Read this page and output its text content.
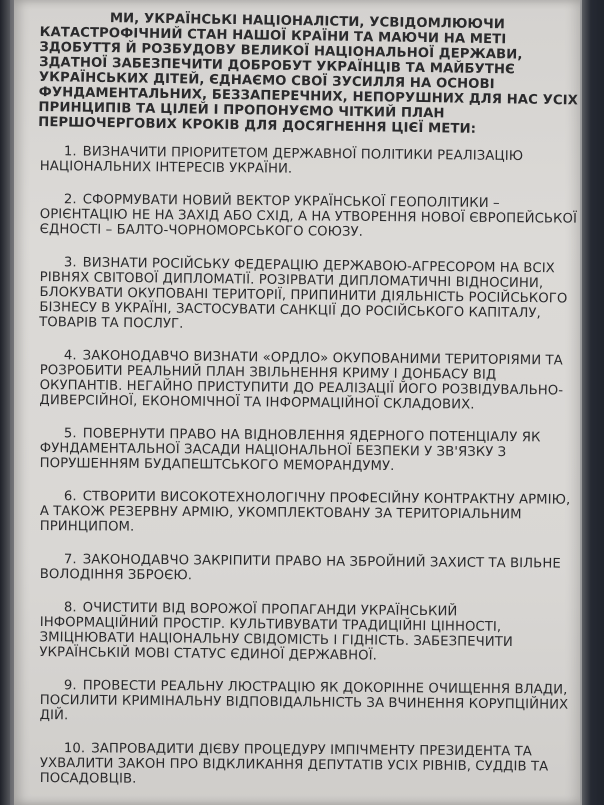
МИ, УКРАЇНСЬКІ НАЦІОНАЛІСТИ, УСВІДОМЛЮЮЧИ КАТАСТРОФІЧНИЙ СТАН НАШОЇ КРАЇНИ ТА МАЮЧИ НА МЕТІ ЗДОБУТТЯ Й РОЗБУДОВУ ВЕЛИКОЇ НАЦІОНАЛЬНОЇ ДЕРЖАВИ, ЗДАТНОЇ ЗАБЕЗПЕЧИТИ ДОБРОБУТ УКРАЇНЦІВ ТА МАЙБУТНЄ УКРАЇНСЬКИХ ДІТЕЙ, ЄДНАЄМО СВОЇ ЗУСИЛЛЯ НА ОСНОВІ ФУНДАМЕНТАЛЬНИХ, БЕЗЗАПЕРЕЧНИХ, НЕПОРУШНИХ ДЛЯ НАС УСІХ ПРИНЦИПІВ ТА ЦІЛЕЙ І ПРОПОНУЄМО ЧІТКИЙ ПЛАН ПЕРШОЧЕРГОВИХ КРОКІВ ДЛЯ ДОСЯГНЕННЯ ЦІЄЇ МЕТИ:

1. ВИЗНАЧИТИ ПРІОРИТЕТОМ ДЕРЖАВНОЇ ПОЛІТИКИ РЕАЛІЗАЦІЮ НАЦІОНАЛЬНИХ ІНТЕРЕСІВ УКРАЇНИ.

2. СФОРМУВАТИ НОВИЙ ВЕКТОР УКРАЇНСЬКОЇ ГЕОПОЛІТИКИ – ОРІЄНТАЦІЮ НЕ НА ЗАХІД АБО СХІД, А НА УТВОРЕННЯ НОВОЇ ЄВРОПЕЙСЬКОЇ ЄДНОСТІ – БАЛТО-ЧОРНОМОРСЬКОГО СОЮЗУ.

3. ВИЗНАТИ РОСІЙСЬКУ ФЕДЕРАЦІЮ ДЕРЖАВОЮ-АГРЕСОРОМ НА ВСІХ РІВНЯХ СВІТОВОЇ ДИПЛОМАТІЇ. РОЗІРВАТИ ДИПЛОМАТИЧНІ ВІДНОСИНИ, БЛОКУВАТИ ОКУПОВАНІ ТЕРИТОРІЇ, ПРИПИНИТИ ДІЯЛЬНІСТЬ РОСІЙСЬКОГО БІЗНЕСУ В УКРАЇНІ, ЗАСТОСУВАТИ САНКЦІЇ ДО РОСІЙСЬКОГО КАПІТАЛУ, ТОВАРІВ ТА ПОСЛУГ.

4. ЗАКОНОДАВЧО ВИЗНАТИ «ОРДЛО» ОКУПОВАНИМИ ТЕРИТОРІЯМИ ТА РОЗРОБИТИ РЕАЛЬНИЙ ПЛАН ЗВІЛЬНЕННЯ КРИМУ І ДОНБАСУ ВІД ОКУПАНТІВ. НЕГАЙНО ПРИСТУПИТИ ДО РЕАЛІЗАЦІЇ ЙОГО РОЗВІДУВАЛЬНО-ДИВЕРСІЙНОЇ, ЕКОНОМІЧНОЇ ТА ІНФОРМАЦІЙНОЇ СКЛАДОВИХ.

5. ПОВЕРНУТИ ПРАВО НА ВІДНОВЛЕННЯ ЯДЕРНОГО ПОТЕНЦІАЛУ ЯК ФУНДАМЕНТАЛЬНОЇ ЗАСАДИ НАЦІОНАЛЬНОЇ БЕЗПЕКИ У ЗВ'ЯЗКУ З ПОРУШЕННЯМ БУДАПЕШТСЬКОГО МЕМОРАНДУМУ.

6. СТВОРИТИ ВИСОКОТЕХНОЛОГІЧНУ ПРОФЕСІЙНУ КОНТРАКТНУ АРМІЮ, А ТАКОЖ РЕЗЕРВНУ АРМІЮ, УКОМПЛЕКТОВАНУ ЗА ТЕРИТОРІАЛЬНИМ ПРИНЦИПОМ.

7. ЗАКОНОДАВЧО ЗАКРІПИТИ ПРАВО НА ЗБРОЙНИЙ ЗАХИСТ ТА ВІЛЬНЕ ВОЛОДІННЯ ЗБРОЄЮ.

8. ОЧИСТИТИ ВІД ВОРОЖОЇ ПРОПАГАНДИ УКРАЇНСЬКИЙ ІНФОРМАЦІЙНИЙ ПРОСТІР. КУЛЬТИВУВАТИ ТРАДИЦІЙНІ ЦІННОСТІ, ЗМІЦНЮВАТИ НАЦІОНАЛЬНУ СВІДОМІСТЬ І ГІДНІСТЬ. ЗАБЕЗПЕЧИТИ УКРАЇНСЬКІЙ МОВІ СТАТУС ЄДИНОЇ ДЕРЖАВНОЇ.

9. ПРОВЕСТИ РЕАЛЬНУ ЛЮСТРАЦІЮ ЯК ДОКОРІННЕ ОЧИЩЕННЯ ВЛАДИ, ПОСИЛИТИ КРИМІНАЛЬНУ ВІДПОВІДАЛЬНІСТЬ ЗА ВЧИНЕННЯ КОРУПЦІЙНИХ ДІЙ.

10. ЗАПРОВАДИТИ ДІЄВУ ПРОЦЕДУРУ ІМПІЧМЕНТУ ПРЕЗИДЕНТА ТА УХВАЛИТИ ЗАКОН ПРО ВІДКЛИКАННЯ ДЕПУТАТІВ УСІХ РІВНІВ, СУДДІВ ТА ПОСАДОВЦІВ.
